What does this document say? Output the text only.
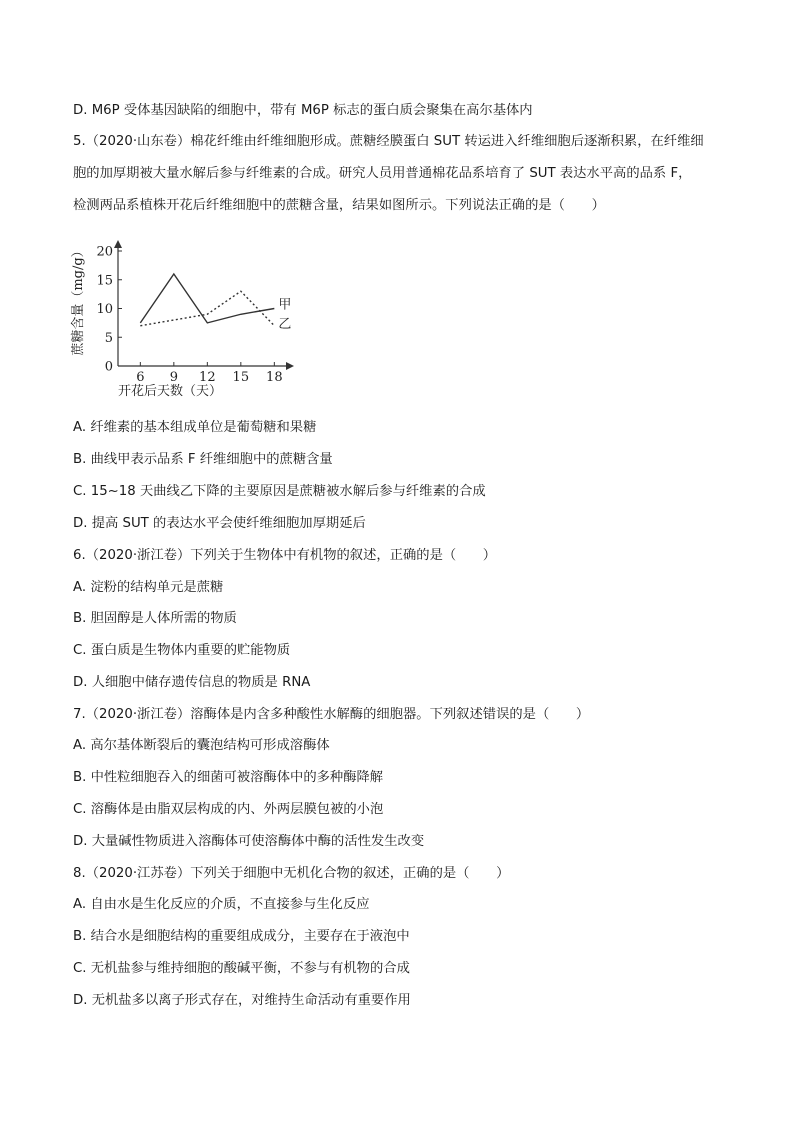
D. M6P 受体基因缺陷的细胞中，带有 M6P 标志的蛋白质会聚集在高尔基体内
5.（2020·山东卷）棉花纤维由纤维细胞形成。蔗糖经膜蛋白 SUT 转运进入纤维细胞后逐渐积累，在纤维细
胞的加厚期被大量水解后参与纤维素的合成。研究人员用普通棉花品系培育了 SUT 表达水平高的品系 F，
检测两品系植株开花后纤维细胞中的蔗糖含量，结果如图所示。下列说法正确的是（　　）
0
5
10
15
20
6 9 12 15 18
甲
乙
蔗糖含量（mg/g）
开花后天数（天）
A. 纤维素的基本组成单位是葡萄糖和果糖
B. 曲线甲表示品系 F 纤维细胞中的蔗糖含量
C. 15~18 天曲线乙下降的主要原因是蔗糖被水解后参与纤维素的合成
D. 提高 SUT 的表达水平会使纤维细胞加厚期延后
6.（2020·浙江卷）下列关于生物体中有机物的叙述，正确的是（　　）
A. 淀粉的结构单元是蔗糖
B. 胆固醇是人体所需的物质
C. 蛋白质是生物体内重要的贮能物质
D. 人细胞中储存遗传信息的物质是 RNA
7.（2020·浙江卷）溶酶体是内含多种酸性水解酶的细胞器。下列叙述错误的是（　　）
A. 高尔基体断裂后的囊泡结构可形成溶酶体
B. 中性粒细胞吞入的细菌可被溶酶体中的多种酶降解
C. 溶酶体是由脂双层构成的内、外两层膜包被的小泡
D. 大量碱性物质进入溶酶体可使溶酶体中酶的活性发生改变
8.（2020·江苏卷）下列关于细胞中无机化合物的叙述，正确的是（　　）
A. 自由水是生化反应的介质，不直接参与生化反应
B. 结合水是细胞结构的重要组成成分，主要存在于液泡中
C. 无机盐参与维持细胞的酸碱平衡，不参与有机物的合成
D. 无机盐多以离子形式存在，对维持生命活动有重要作用
